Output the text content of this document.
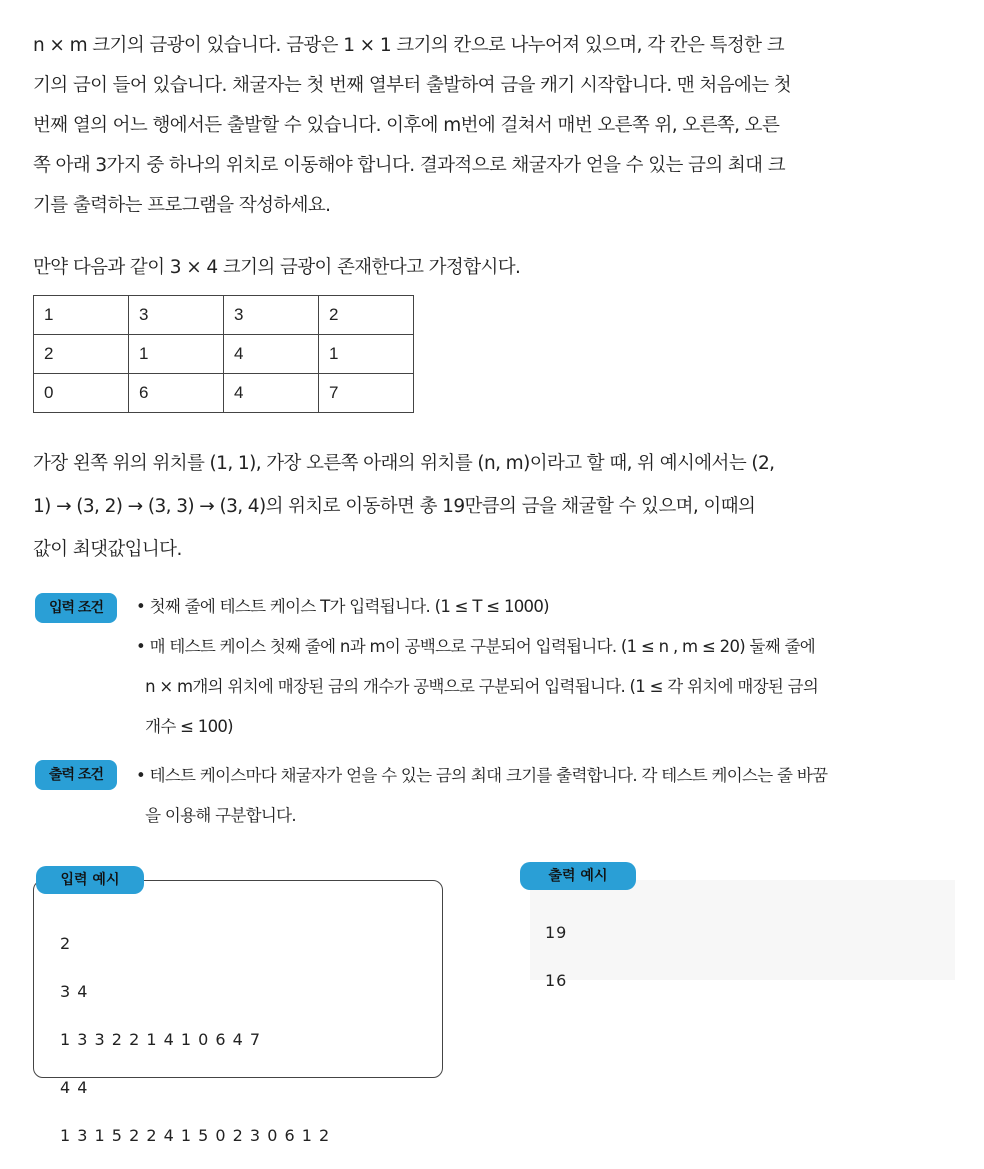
n × m 크기의 금광이 있습니다. 금광은 1 × 1 크기의 칸으로 나누어져 있으며, 각 칸은 특정한 크
기의 금이 들어 있습니다. 채굴자는 첫 번째 열부터 출발하여 금을 캐기 시작합니다. 맨 처음에는 첫
번째 열의 어느 행에서든 출발할 수 있습니다. 이후에 m번에 걸쳐서 매번 오른쪽 위, 오른쪽, 오른
쪽 아래 3가지 중 하나의 위치로 이동해야 합니다. 결과적으로 채굴자가 얻을 수 있는 금의 최대 크
기를 출력하는 프로그램을 작성하세요.
만약 다음과 같이 3 × 4 크기의 금광이 존재한다고 가정합시다.
1	3	3	2
2	1	4	1
0	6	4	7
가장 왼쪽 위의 위치를 (1, 1), 가장 오른쪽 아래의 위치를 (n, m)이라고 할 때, 위 예시에서는 (2,
1) → (3, 2) → (3, 3) → (3, 4)의 위치로 이동하면 총 19만큼의 금을 채굴할 수 있으며, 이때의
값이 최댓값입니다.
입력 조건	• 첫째 줄에 테스트 케이스 T가 입력됩니다. (1 ≤ T ≤ 1000)
• 매 테스트 케이스 첫째 줄에 n과 m이 공백으로 구분되어 입력됩니다. (1 ≤ n , m ≤ 20) 둘째 줄에
n × m개의 위치에 매장된 금의 개수가 공백으로 구분되어 입력됩니다. (1 ≤ 각 위치에 매장된 금의
개수 ≤ 100)
출력 조건	• 테스트 케이스마다 채굴자가 얻을 수 있는 금의 최대 크기를 출력합니다. 각 테스트 케이스는 줄 바꿈
을 이용해 구분합니다.
입력 예시

2

3 4

1 3 3 2 2 1 4 1 0 6 4 7

4 4

1 3 1 5 2 2 4 1 5 0 2 3 0 6 1 2

출력 예시

19

16
